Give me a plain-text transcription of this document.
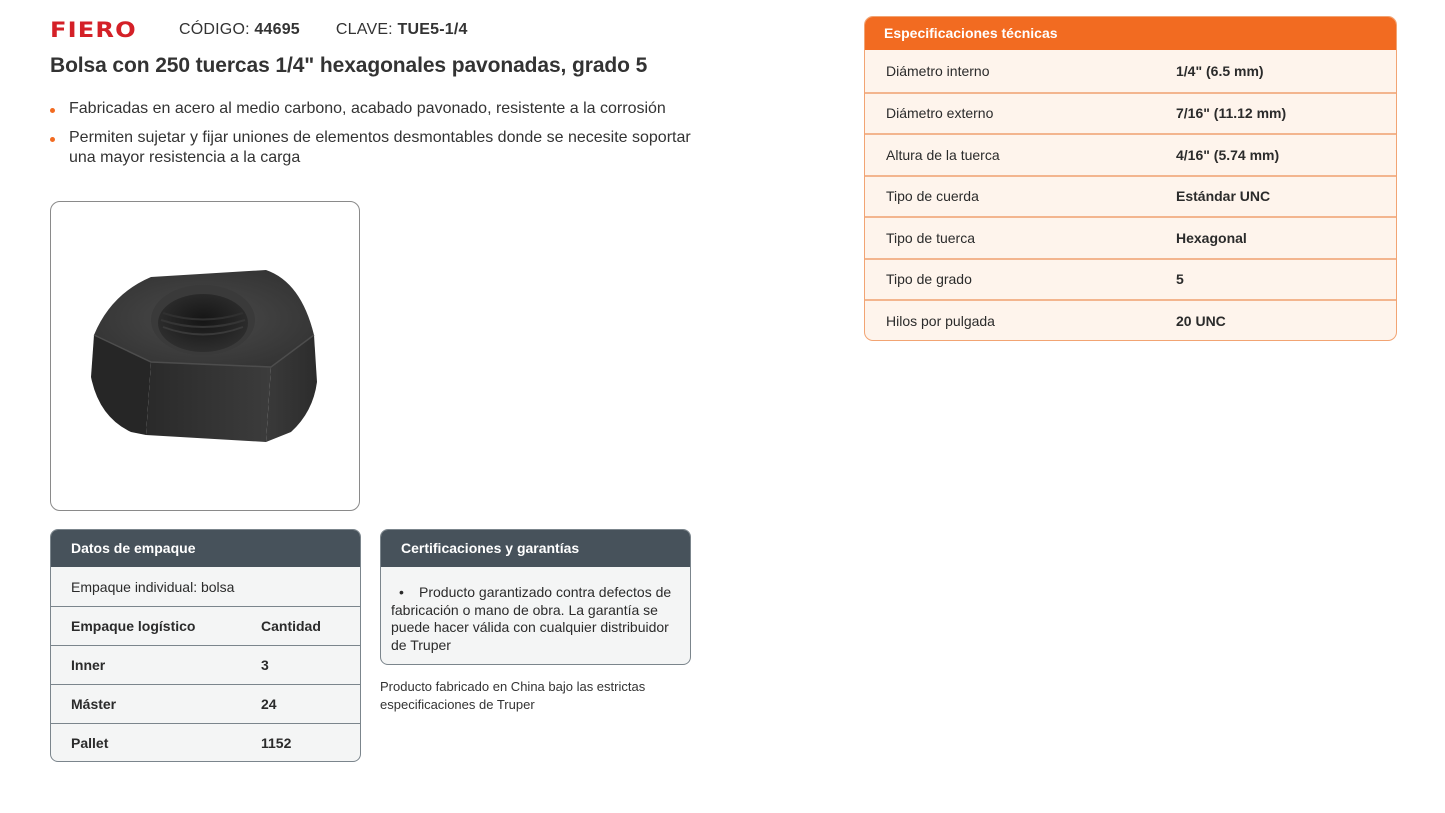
FIERO	CÓDIGO: 44695 CLAVE: TUE5-1/4
Bolsa con 250 tuercas 1/4" hexagonales pavonadas, grado 5
Fabricadas en acero al medio carbono, acabado pavonado, resistente a la corrosión
Permiten sujetar y fijar uniones de elementos desmontables donde se necesite soportar una mayor resistencia a la carga
Datos de empaque
Empaque individual: bolsa
Empaque logístico	Cantidad
Inner	3
Máster	24
Pallet	1152
Certificaciones y garantías
• Producto garantizado contra defectos de fabricación o mano de obra. La garantía se puede hacer válida con cualquier distribuidor de Truper
Producto fabricado en China bajo las estrictas especificaciones de Truper
Especificaciones técnicas
Diámetro interno	1/4" (6.5 mm)
Diámetro externo	7/16" (11.12 mm)
Altura de la tuerca	4/16" (5.74 mm)
Tipo de cuerda	Estándar UNC
Tipo de tuerca	Hexagonal
Tipo de grado	5
Hilos por pulgada	20 UNC
